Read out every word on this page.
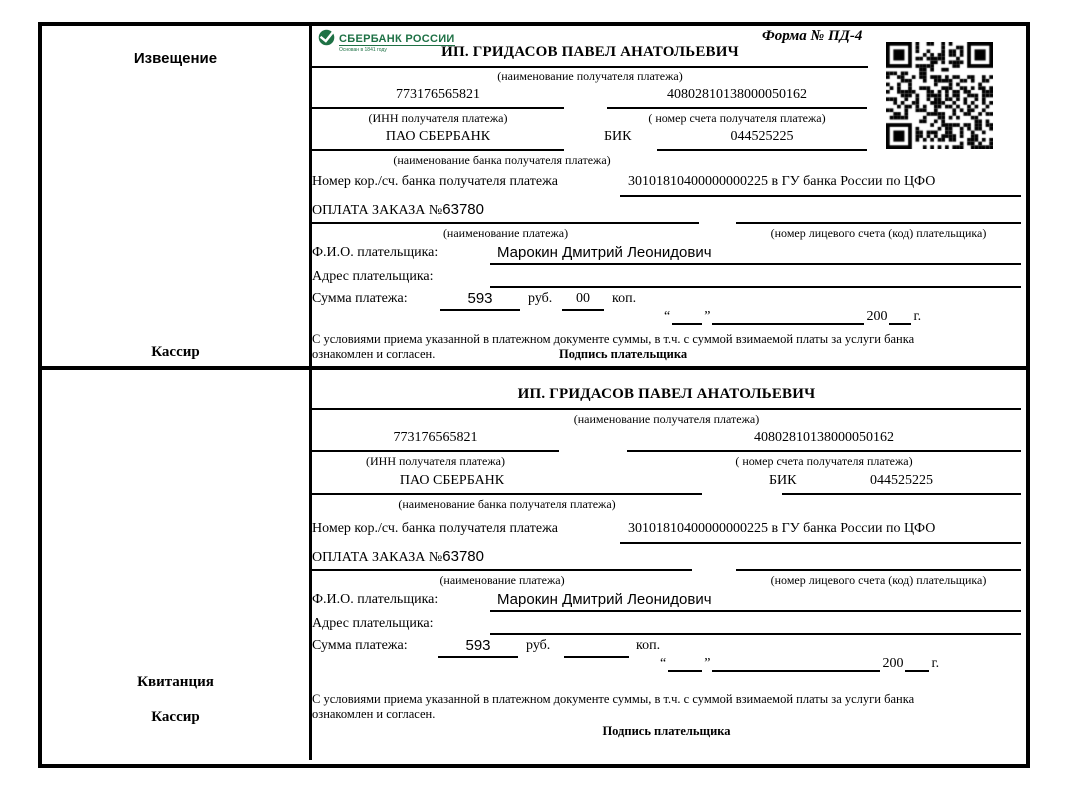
Извещение
Кассир
СБЕРБАНК РОССИИ
Основан в 1841 году
Форма № ПД-4
ИП. ГРИДАСОВ ПАВЕЛ АНАТОЛЬЕВИЧ
(наименование получателя платежа)
773176565821	40802810138000050162
(ИНН получателя платежа)	( номер счета получателя платежа)
ПАО СБЕРБАНК	БИК	044525225
(наименование банка получателя платежа)
Номер кор./сч. банка получателя платежа	30101810400000000225 в ГУ банка России по ЦФО
ОПЛАТА ЗАКАЗА №63780
(наименование платежа)	(номер лицевого счета (код) плательщика)
Ф.И.О. плательщика:	Марокин Дмитрий Леонидович
Адрес плательщика:
Сумма платежа:	593	руб.	00	коп.
“ ”	200 г.
С условиями приема указанной в платежном документе суммы, в т.ч. с суммой взимаемой платы за услуги банка
ознакомлен и согласен.	Подпись плательщика
Квитанция
Кассир
ИП. ГРИДАСОВ ПАВЕЛ АНАТОЛЬЕВИЧ
(наименование получателя платежа)
773176565821	40802810138000050162
(ИНН получателя платежа)	( номер счета получателя платежа)
ПАО СБЕРБАНК	БИК	044525225
(наименование банка получателя платежа)
Номер кор./сч. банка получателя платежа	30101810400000000225 в ГУ банка России по ЦФО
ОПЛАТА ЗАКАЗА №63780
(наименование платежа)	(номер лицевого счета (код) плательщика)
Ф.И.О. плательщика:	Марокин Дмитрий Леонидович
Адрес плательщика:
Сумма платежа:	593	руб.	коп.
“	”	200 г.
С условиями приема указанной в платежном документе суммы, в т.ч. с суммой взимаемой платы за услуги банка
ознакомлен и согласен.
Подпись плательщика
